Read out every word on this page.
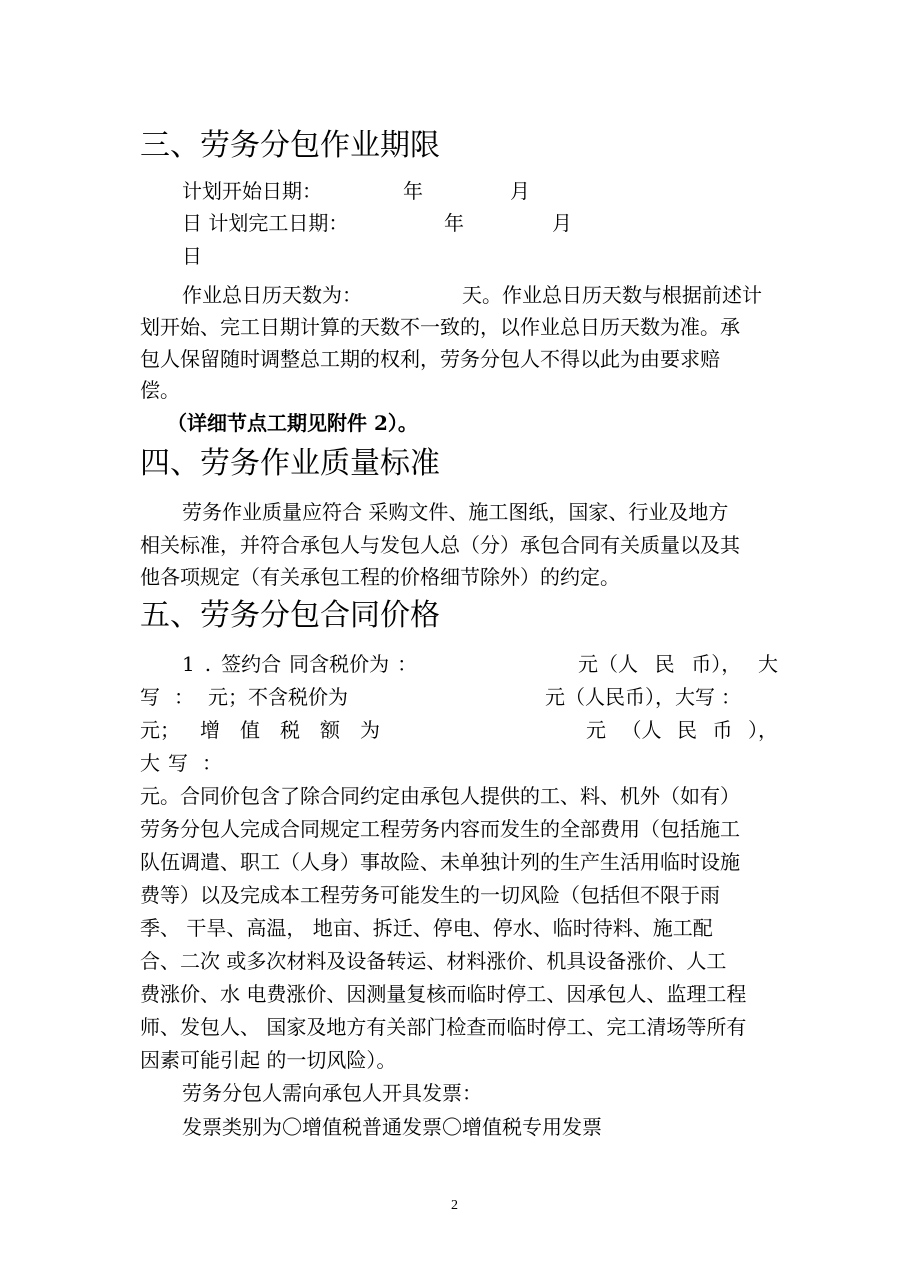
三、劳务分包作业期限
计划开始日期：	年	月
日 计划完工日期：	年	月
日
作业总日历天数为：	天。作业总日历天数与根据前述计
划开始、完工日期计算的天数不一致的，以作业总日历天数为准。承
包人保留随时调整总工期的权利，劳务分包人不得以此为由要求赔
偿。
（详细节点工期见附件 2）。
四、劳务作业质量标准
劳务作业质量应符合 采购文件、施工图纸，国家、行业及地方
相关标准，并符合承包人与发包人总（分）承包合同有关质量以及其
他各项规定（有关承包工程的价格细节除外）的约定。
五、劳务分包合同价格
1 . 签约合 同含税价为 ：	元（人 民 币）， 大
写 ： 元；不含税价为	元（人民币），大写 ：
元； 增 值 税 额 为	元 （人 民 币 ），
大 写 ：
元。合同价包含了除合同约定由承包人提供的工、料、机外（如有）
劳务分包人完成合同规定工程劳务内容而发生的全部费用（包括施工
队伍调遣、职工（人身）事故险、未单独计列的生产生活用临时设施
费等）以及完成本工程劳务可能发生的一切风险（包括但不限于雨
季、 干旱、高温， 地亩、拆迁、停电、停水、临时待料、施工配
合、二次 或多次材料及设备转运、材料涨价、机具设备涨价、人工
费涨价、水 电费涨价、因测量复核而临时停工、因承包人、监理工程
师、发包人、 国家及地方有关部门检查而临时停工、完工清场等所有
因素可能引起 的一切风险）。
劳务分包人需向承包人开具发票：
发票类别为〇增值税普通发票〇增值税专用发票
2
